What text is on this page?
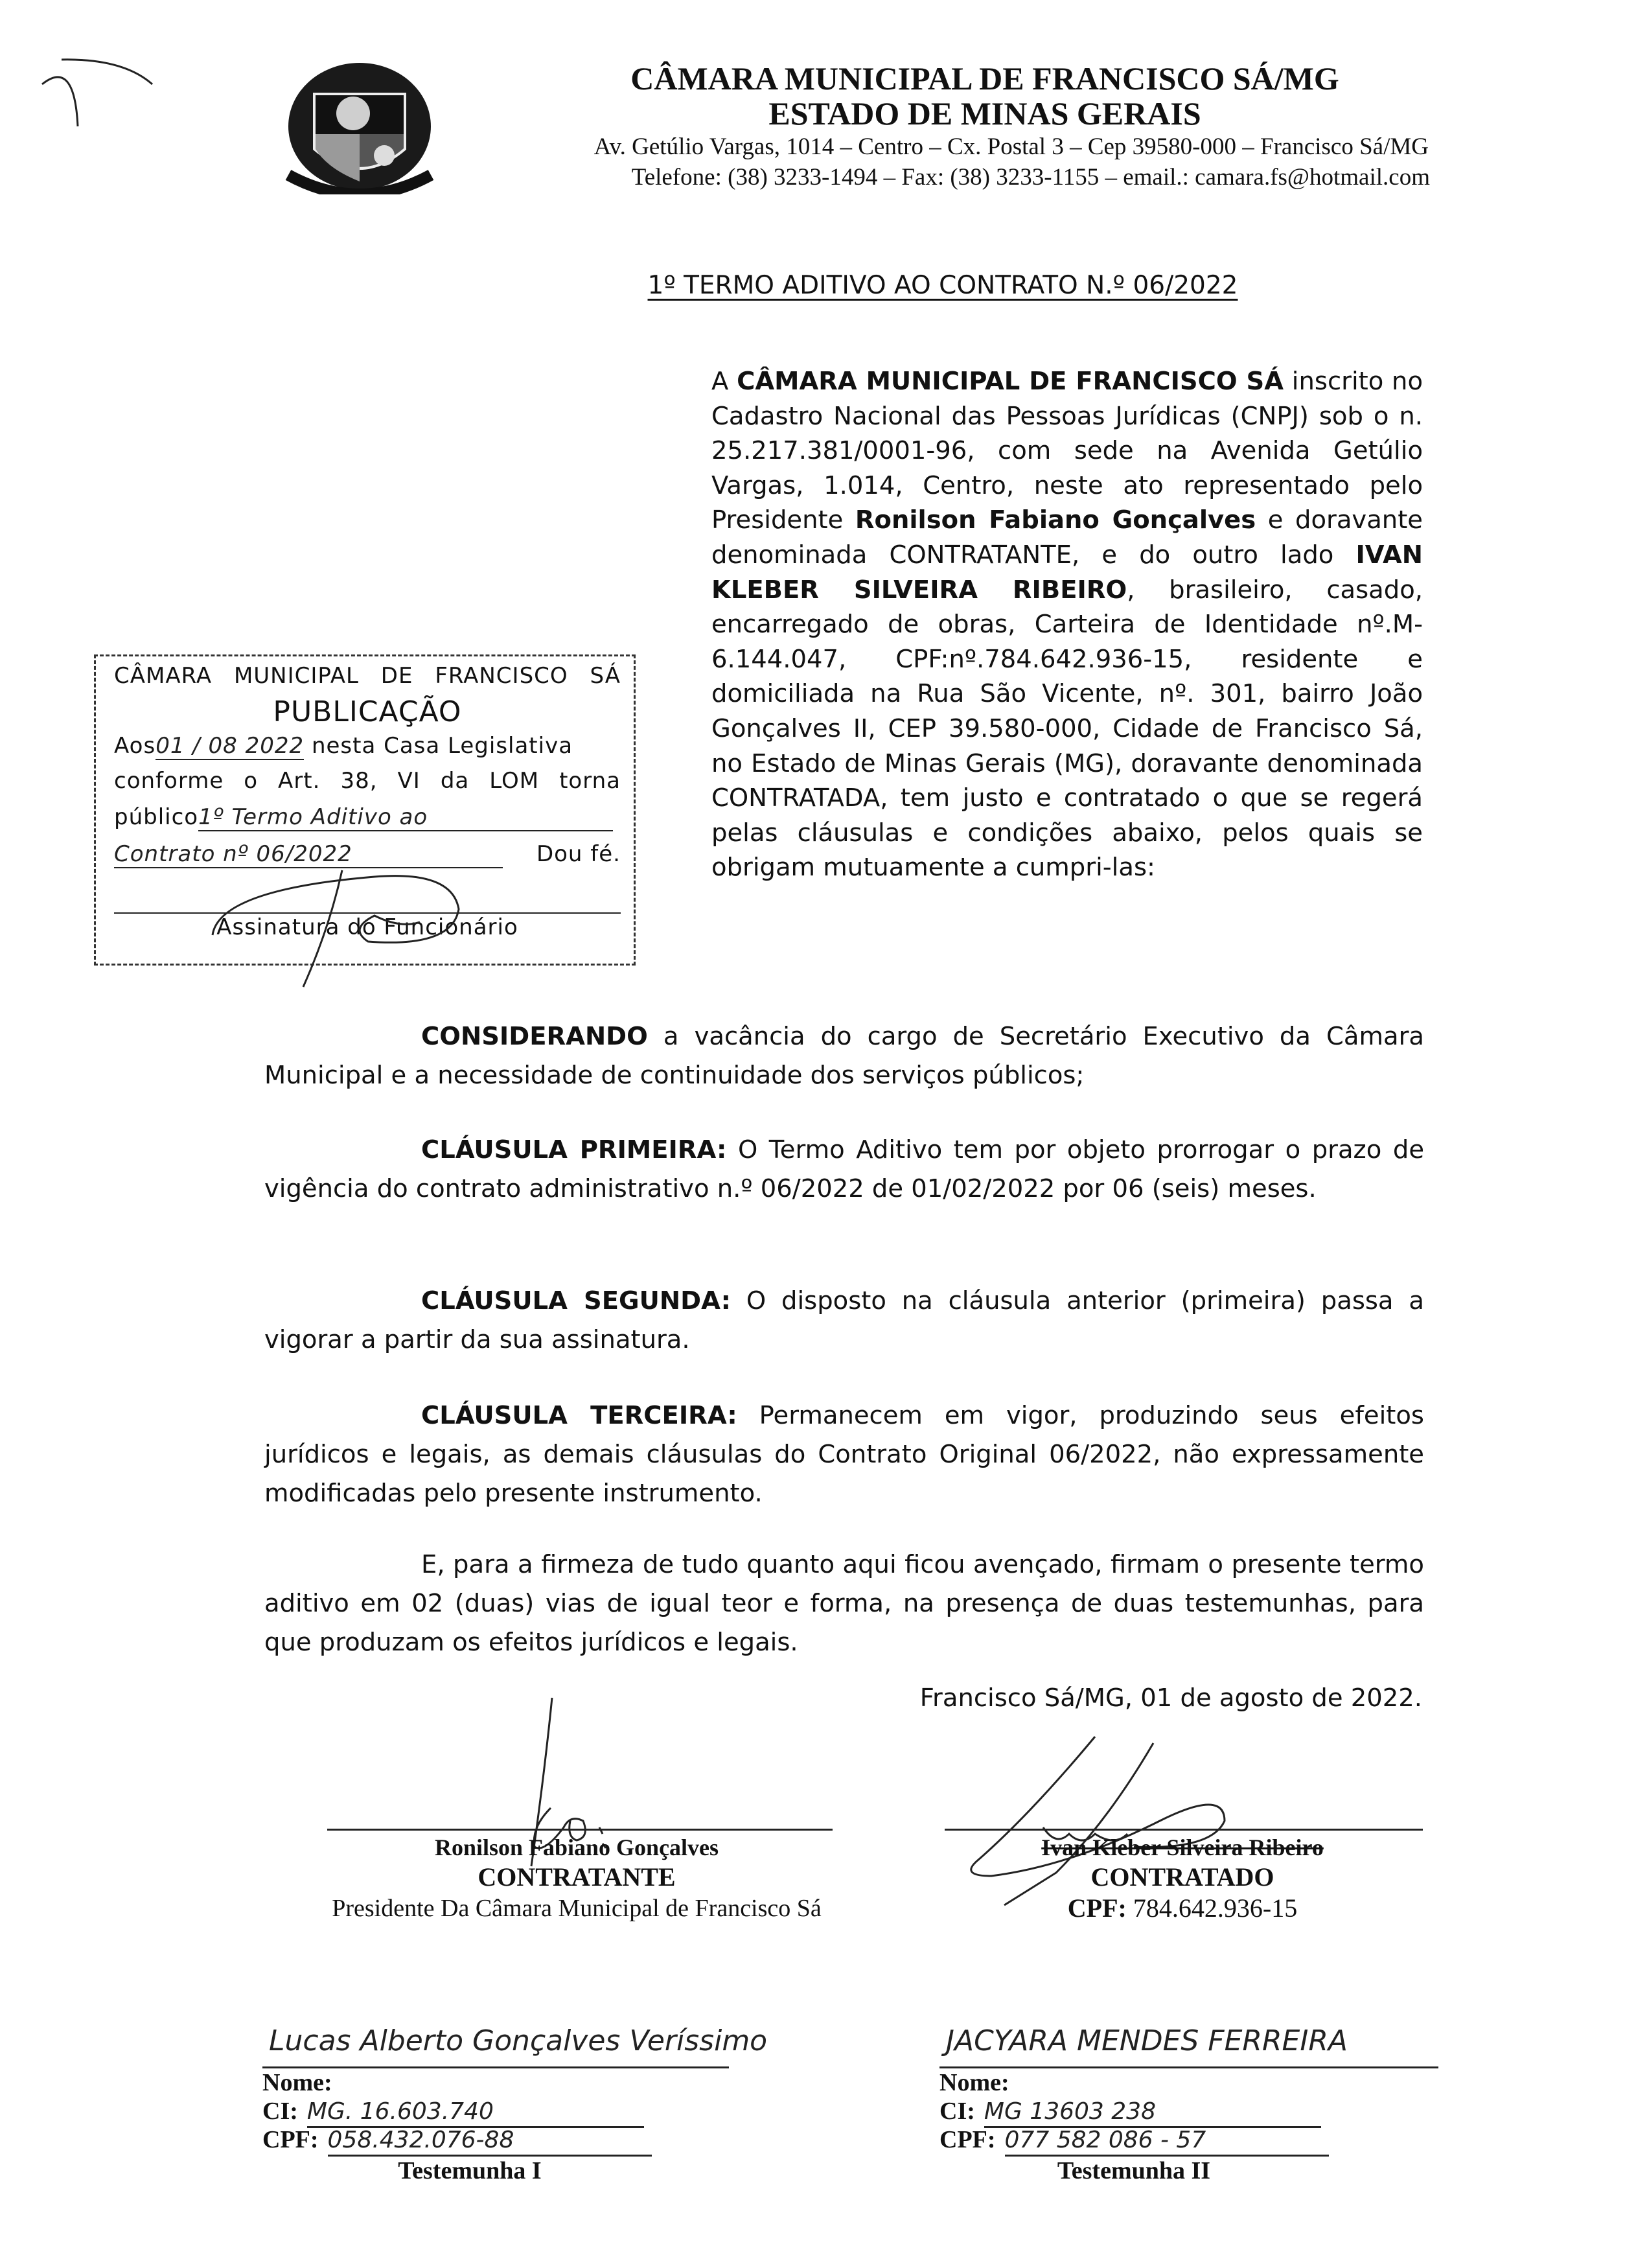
CÂMARA MUNICIPAL DE FRANCISCO SÁ/MG
ESTADO DE MINAS GERAIS
Av. Getúlio Vargas, 1014 – Centro – Cx. Postal 3 – Cep 39580-000 – Francisco Sá/MG
Telefone: (38) 3233-1494 – Fax: (38) 3233-1155 – email.: camara.fs@hotmail.com
1º TERMO ADITIVO AO CONTRATO N.º 06/2022
A CÂMARA MUNICIPAL DE FRANCISCO SÁ inscrito no Cadastro Nacional das Pessoas Jurídicas (CNPJ) sob o n. 25.217.381/0001-96, com sede na Avenida Getúlio Vargas, 1.014, Centro, neste ato representado pelo Presidente Ronilson Fabiano Gonçalves e doravante denominada CONTRATANTE, e do outro lado IVAN KLEBER SILVEIRA RIBEIRO, brasileiro, casado, encarregado de obras, Carteira de Identidade nº.M-6.144.047, CPF:nº.784.642.936-15, residente e domiciliada na Rua São Vicente, nº. 301, bairro João Gonçalves II, CEP 39.580-000, Cidade de Francisco Sá, no Estado de Minas Gerais (MG), doravante denominada CONTRATADA, tem justo e contratado o que se regerá pelas cláusulas e condições abaixo, pelos quais se obrigam mutuamente a cumpri-las:
CÂMARA MUNICIPAL DE FRANCISCO SÁ
PUBLICAÇÃO
Aos01 / 08 2022 nesta Casa Legislativa
conforme o Art. 38, VI da LOM torna
público1º Termo Aditivo ao
Contrato nº 06/2022	Dou fé.
Assinatura do Funcionário
CONSIDERANDO a vacância do cargo de Secretário Executivo da Câmara Municipal e a necessidade de continuidade dos serviços públicos;
CLÁUSULA PRIMEIRA: O Termo Aditivo tem por objeto prorrogar o prazo de vigência do contrato administrativo n.º 06/2022 de 01/02/2022 por 06 (seis) meses.
CLÁUSULA SEGUNDA: O disposto na cláusula anterior (primeira) passa a vigorar a partir da sua assinatura.
CLÁUSULA TERCEIRA: Permanecem em vigor, produzindo seus efeitos jurídicos e legais, as demais cláusulas do Contrato Original 06/2022, não expressamente modificadas pelo presente instrumento.
E, para a firmeza de tudo quanto aqui ficou avençado, firmam o presente termo aditivo em 02 (duas) vias de igual teor e forma, na presença de duas testemunhas, para que produzam os efeitos jurídicos e legais.
Francisco Sá/MG, 01 de agosto de 2022.
Ronilson Fabiano Gonçalves
CONTRATANTE
Presidente Da Câmara Municipal de Francisco Sá
Ivan Kleber Silveira Ribeiro
CONTRATADO
CPF: 784.642.936-15
Lucas Alberto Gonçalves Veríssimo
Nome:
CI: MG. 16.603.740
CPF: 058.432.076-88
Testemunha I
JACYARA MENDES FERREIRA
Nome:
CI: MG 13603 238
CPF: 077 582 086 - 57
Testemunha II
